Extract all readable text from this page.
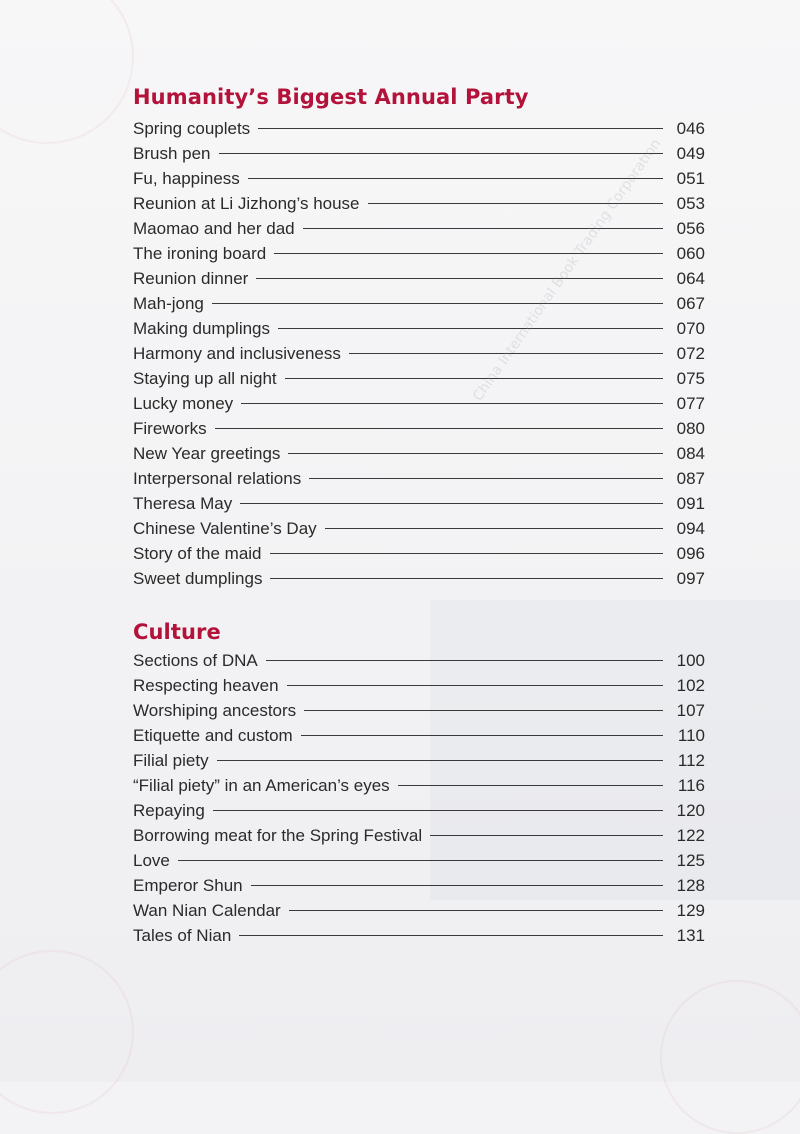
Humanity’s Biggest Annual Party
Spring couplets	046
Brush pen	049
Fu, happiness	051
Reunion at Li Jizhong’s house	053
Maomao and her dad	056
The ironing board	060
Reunion dinner	064
Mah-jong	067
Making dumplings	070
Harmony and inclusiveness	072
Staying up all night	075
Lucky money	077
Fireworks	080
New Year greetings	084
Interpersonal relations	087
Theresa May	091
Chinese Valentine’s Day	094
Story of the maid	096
Sweet dumplings	097
Culture
Sections of DNA	100
Respecting heaven	102
Worshiping ancestors	107
Etiquette and custom	110
Filial piety	112
“Filial piety” in an American’s eyes	116
Repaying	120
Borrowing meat for the Spring Festival	122
Love	125
Emperor Shun	128
Wan Nian Calendar	129
Tales of Nian	131
China International Book Trading Corporation
